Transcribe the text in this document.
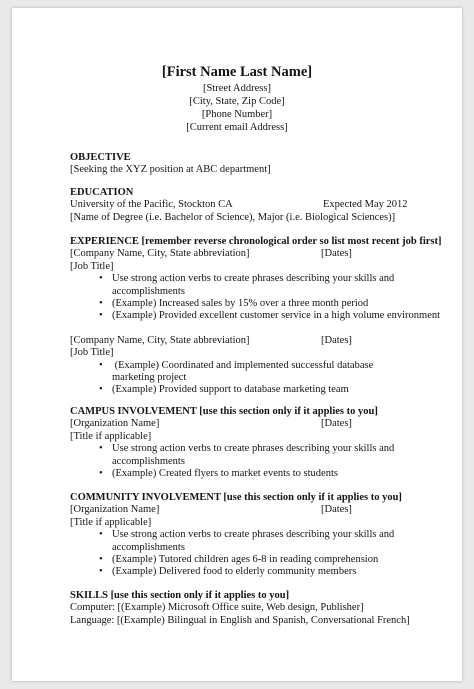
[First Name Last Name]
[Street Address]
[City, State, Zip Code]
[Phone Number]
[Current email Address]
OBJECTIVE
[Seeking the XYZ position at ABC department]
EDUCATION
University of the Pacific, Stockton CA	Expected May 2012
[Name of Degree (i.e. Bachelor of Science), Major (i.e. Biological Sciences)]
EXPERIENCE [remember reverse chronological order so list most recent job first]
[Company Name, City, State abbreviation]	[Dates]
[Job Title]
• Use strong action verbs to create phrases describing your skills and accomplishments
• (Example) Increased sales by 15% over a three month period
• (Example) Provided excellent customer service in a high volume environment
[Company Name, City, State abbreviation]	[Dates]
[Job Title]
• (Example) Coordinated and implemented successful database marketing project
• (Example) Provided support to database marketing team
CAMPUS INVOLVEMENT [use this section only if it applies to you]
[Organization Name]	[Dates]
[Title if applicable]
• Use strong action verbs to create phrases describing your skills and accomplishments
• (Example) Created flyers to market events to students
COMMUNITY INVOLVEMENT [use this section only if it applies to you]
[Organization Name]	[Dates]
[Title if applicable]
• Use strong action verbs to create phrases describing your skills and accomplishments
• (Example) Tutored children ages 6-8 in reading comprehension
• (Example) Delivered food to elderly community members
SKILLS [use this section only if it applies to you]
Computer: [(Example) Microsoft Office suite, Web design, Publisher]
Language: [(Example) Bilingual in English and Spanish, Conversational French]
